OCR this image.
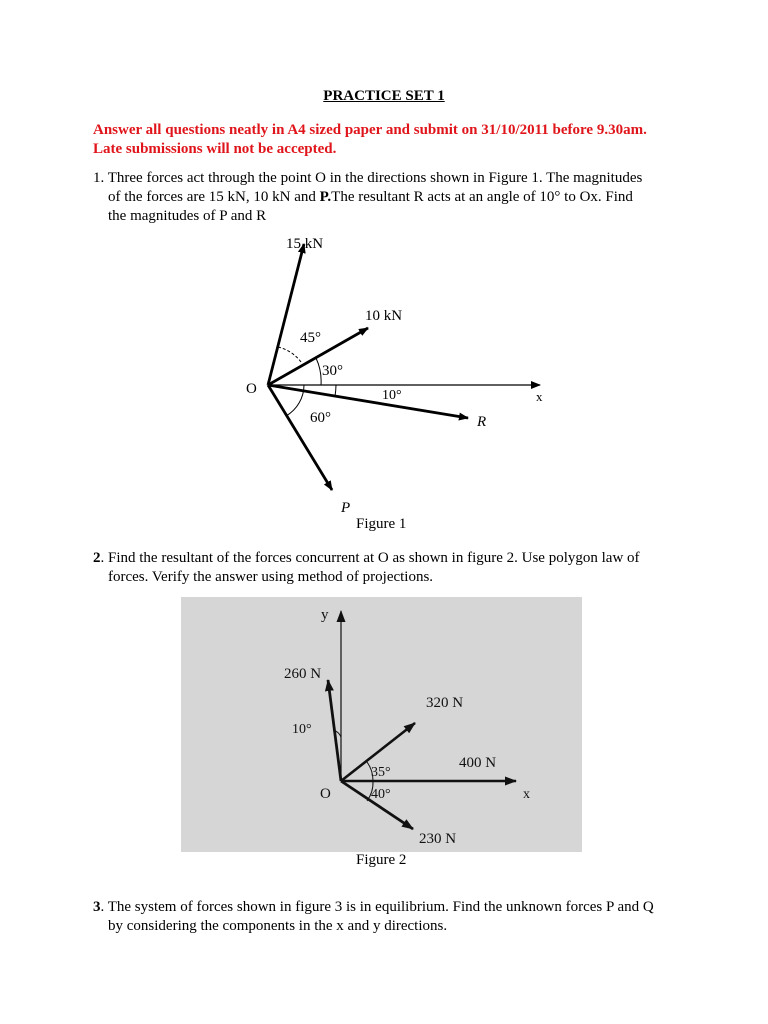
PRACTICE SET 1
Answer all questions neatly in A4 sized paper and submit on 31/10/2011 before 9.30am.
Late submissions will not be accepted.
1. Three forces act through the point O in the directions shown in Figure 1. The magnitudes
of the forces are 15 kN, 10 kN and P.The resultant R acts at an angle of 10° to Ox. Find
the magnitudes of P and R
15 kN
10 kN
45°
30°
10°
60°
O	x
R
P
Figure 1
2. Find the resultant of the forces concurrent at O as shown in figure 2. Use polygon law of
forces. Verify the answer using method of projections.
y
260 N
320 N
400 N
230 N
10°
35°
40°
O	x
Figure 2
3. The system of forces shown in figure 3 is in equilibrium. Find the unknown forces P and Q
by considering the components in the x and y directions.
